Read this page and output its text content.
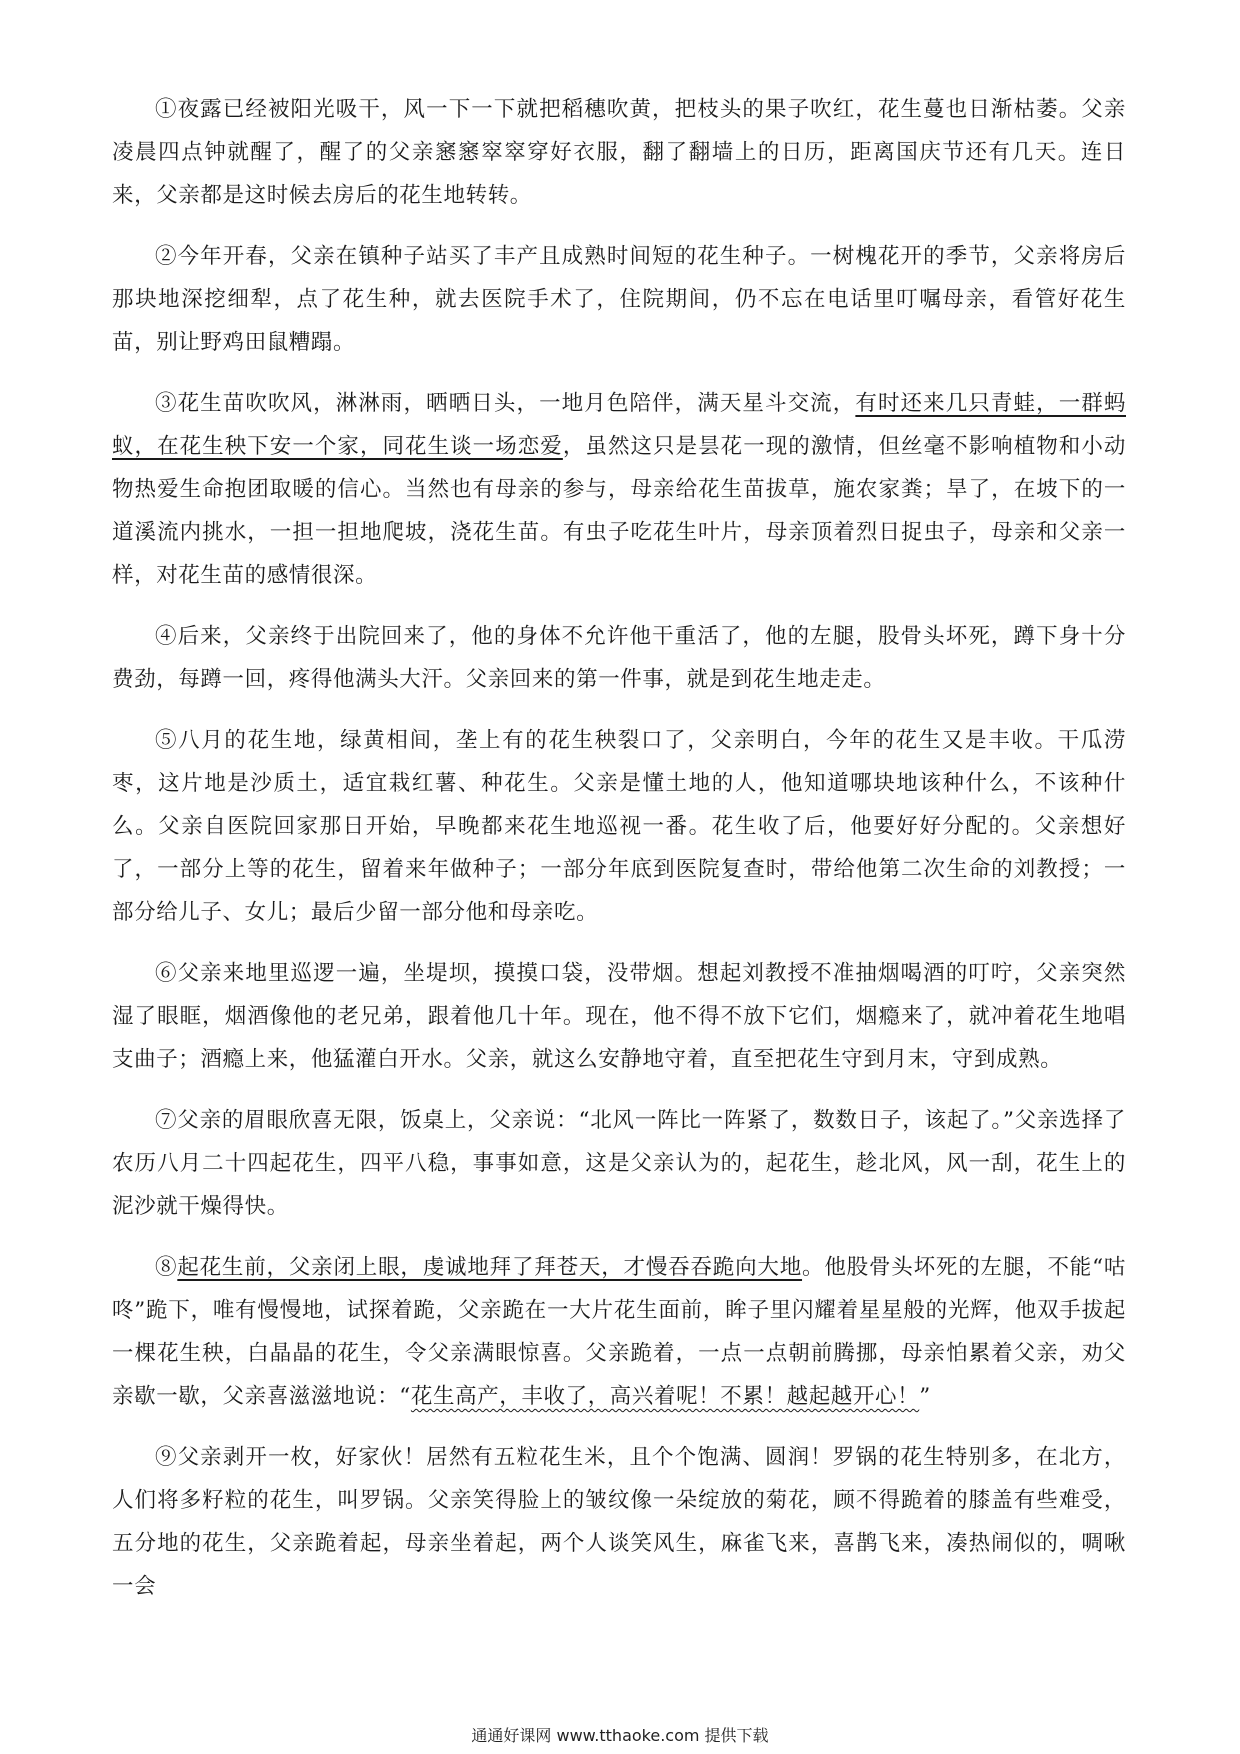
①夜露已经被阳光吸干，风一下一下就把稻穗吹黄，把枝头的果子吹红，花生蔓也日渐枯萎。父亲凌晨四点钟就醒了，醒了的父亲窸窸窣窣穿好衣服，翻了翻墙上的日历，距离国庆节还有几天。连日来，父亲都是这时候去房后的花生地转转。

②今年开春，父亲在镇种子站买了丰产且成熟时间短的花生种子。一树槐花开的季节，父亲将房后那块地深挖细犁，点了花生种，就去医院手术了，住院期间，仍不忘在电话里叮嘱母亲，看管好花生苗，别让野鸡田鼠糟蹋。

③花生苗吹吹风，淋淋雨，晒晒日头，一地月色陪伴，满天星斗交流，有时还来几只青蛙，一群蚂蚁，在花生秧下安一个家，同花生谈一场恋爱，虽然这只是昙花一现的激情，但丝毫不影响植物和小动物热爱生命抱团取暖的信心。当然也有母亲的参与，母亲给花生苗拔草，施农家粪；旱了，在坡下的一道溪流内挑水，一担一担地爬坡，浇花生苗。有虫子吃花生叶片，母亲顶着烈日捉虫子，母亲和父亲一样，对花生苗的感情很深。

④后来，父亲终于出院回来了，他的身体不允许他干重活了，他的左腿，股骨头坏死，蹲下身十分费劲，每蹲一回，疼得他满头大汗。父亲回来的第一件事，就是到花生地走走。

⑤八月的花生地，绿黄相间，垄上有的花生秧裂口了，父亲明白，今年的花生又是丰收。干瓜涝枣，这片地是沙质土，适宜栽红薯、种花生。父亲是懂土地的人，他知道哪块地该种什么，不该种什么。父亲自医院回家那日开始，早晚都来花生地巡视一番。花生收了后，他要好好分配的。父亲想好了，一部分上等的花生，留着来年做种子；一部分年底到医院复查时，带给他第二次生命的刘教授；一部分给儿子、女儿；最后少留一部分他和母亲吃。

⑥父亲来地里巡逻一遍，坐堤坝，摸摸口袋，没带烟。想起刘教授不准抽烟喝酒的叮咛，父亲突然湿了眼眶，烟酒像他的老兄弟，跟着他几十年。现在，他不得不放下它们，烟瘾来了，就冲着花生地唱支曲子；酒瘾上来，他猛灌白开水。父亲，就这么安静地守着，直至把花生守到月末，守到成熟。

⑦父亲的眉眼欣喜无限，饭桌上，父亲说：“北风一阵比一阵紧了，数数日子，该起了。”父亲选择了农历八月二十四起花生，四平八稳，事事如意，这是父亲认为的，起花生，趁北风，风一刮，花生上的泥沙就干燥得快。

⑧起花生前，父亲闭上眼，虔诚地拜了拜苍天，才慢吞吞跪向大地。他股骨头坏死的左腿，不能“咕咚”跪下，唯有慢慢地，试探着跪，父亲跪在一大片花生面前，眸子里闪耀着星星般的光辉，他双手拔起一棵花生秧，白晶晶的花生，令父亲满眼惊喜。父亲跪着，一点一点朝前腾挪，母亲怕累着父亲，劝父亲歇一歇，父亲喜滋滋地说：“花生高产，丰收了，高兴着呢！不累！越起越开心！”

⑨父亲剥开一枚，好家伙！居然有五粒花生米，且个个饱满、圆润！罗锅的花生特别多，在北方，人们将多籽粒的花生，叫罗锅。父亲笑得脸上的皱纹像一朵绽放的菊花，顾不得跪着的膝盖有些难受，五分地的花生，父亲跪着起，母亲坐着起，两个人谈笑风生，麻雀飞来，喜鹊飞来，凑热闹似的，啁啾一会

通通好课网 www.tthaoke.com 提供下载
